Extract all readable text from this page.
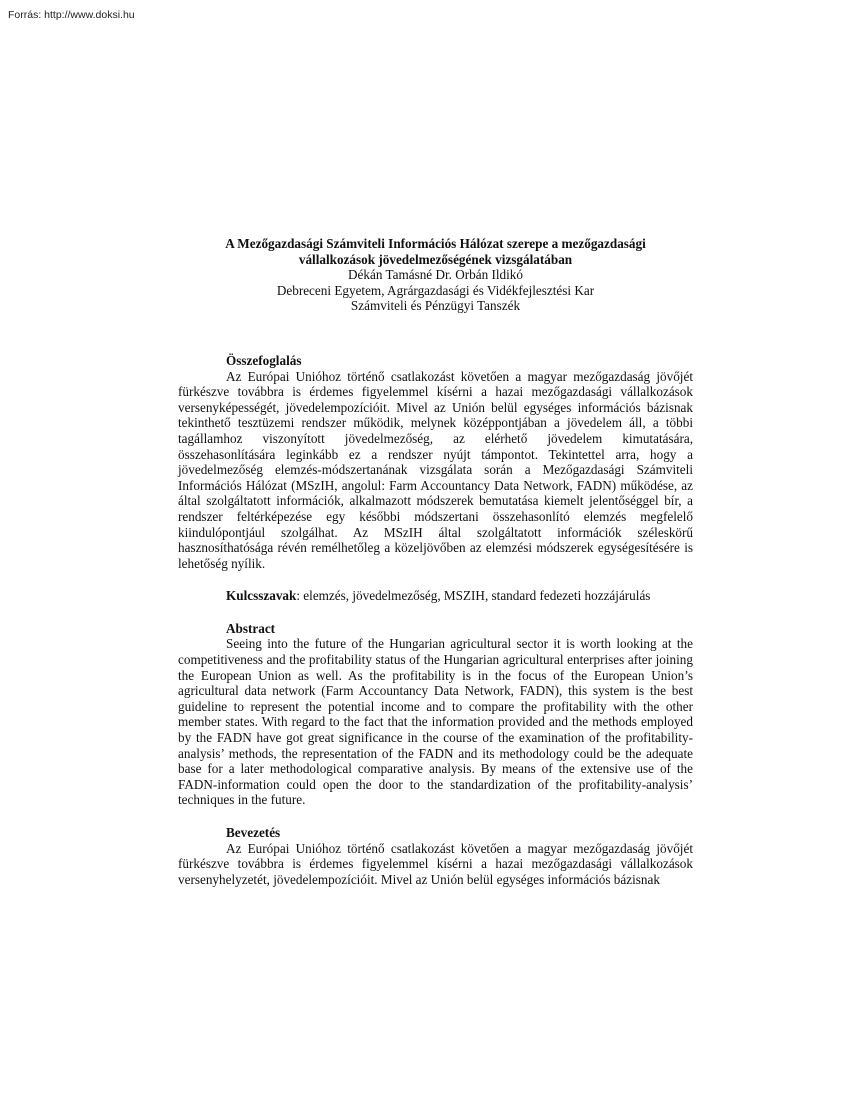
Forrás: http://www.doksi.hu

A Mezőgazdasági Számviteli Információs Hálózat szerepe a mezőgazdasági

vállalkozások jövedelmezőségének vizsgálatában

Dékán Tamásné Dr. Orbán Ildikó

Debreceni Egyetem, Agrárgazdasági és Vidékfejlesztési Kar

Számviteli és Pénzügyi Tanszék

Összefoglalás

Az Európai Unióhoz történő csatlakozást követően a magyar mezőgazdaság jövőjét fürkészve továbbra is érdemes figyelemmel kísérni a hazai mezőgazdasági vállalkozások versenyképességét, jövedelempozícióit. Mivel az Unión belül egységes információs bázisnak tekinthető tesztüzemi rendszer működik, melynek középpontjában a jövedelem áll, a többi tagállamhoz viszonyított jövedelmezőség, az elérhető jövedelem kimutatására, összehasonlítására leginkább ez a rendszer nyújt támpontot. Tekintettel arra, hogy a jövedelmezőség elemzés-módszertanának vizsgálata során a Mezőgazdasági Számviteli Információs Hálózat (MSzIH, angolul: Farm Accountancy Data Network, FADN) működése, az által szolgáltatott információk, alkalmazott módszerek bemutatása kiemelt jelentőséggel bír, a rendszer feltérképezése egy későbbi módszertani összehasonlító elemzés megfelelő kiindulópontjául szolgálhat. Az MSzIH által szolgáltatott információk széleskörű hasznosíthatósága révén remélhetőleg a közeljövőben az elemzési módszerek egységesítésére is lehetőség nyílik.

Kulcsszavak: elemzés, jövedelmezőség, MSZIH, standard fedezeti hozzájárulás

Abstract

Seeing into the future of the Hungarian agricultural sector it is worth looking at the competitiveness and the profitability status of the Hungarian agricultural enterprises after joining the European Union as well. As the profitability is in the focus of the European Union’s agricultural data network (Farm Accountancy Data Network, FADN), this system is the best guideline to represent the potential income and to compare the profitability with the other member states. With regard to the fact that the information provided and the methods employed by the FADN have got great significance in the course of the examination of the profitability-analysis’ methods, the representation of the FADN and its methodology could be the adequate base for a later methodological comparative analysis. By means of the extensive use of the FADN-information could open the door to the standardization of the profitability-analysis’ techniques in the future.

Bevezetés

Az Európai Unióhoz történő csatlakozást követően a magyar mezőgazdaság jövőjét fürkészve továbbra is érdemes figyelemmel kísérni a hazai mezőgazdasági vállalkozások versenyhelyzetét, jövedelempozícióit. Mivel az Unión belül egységes információs bázisnak
